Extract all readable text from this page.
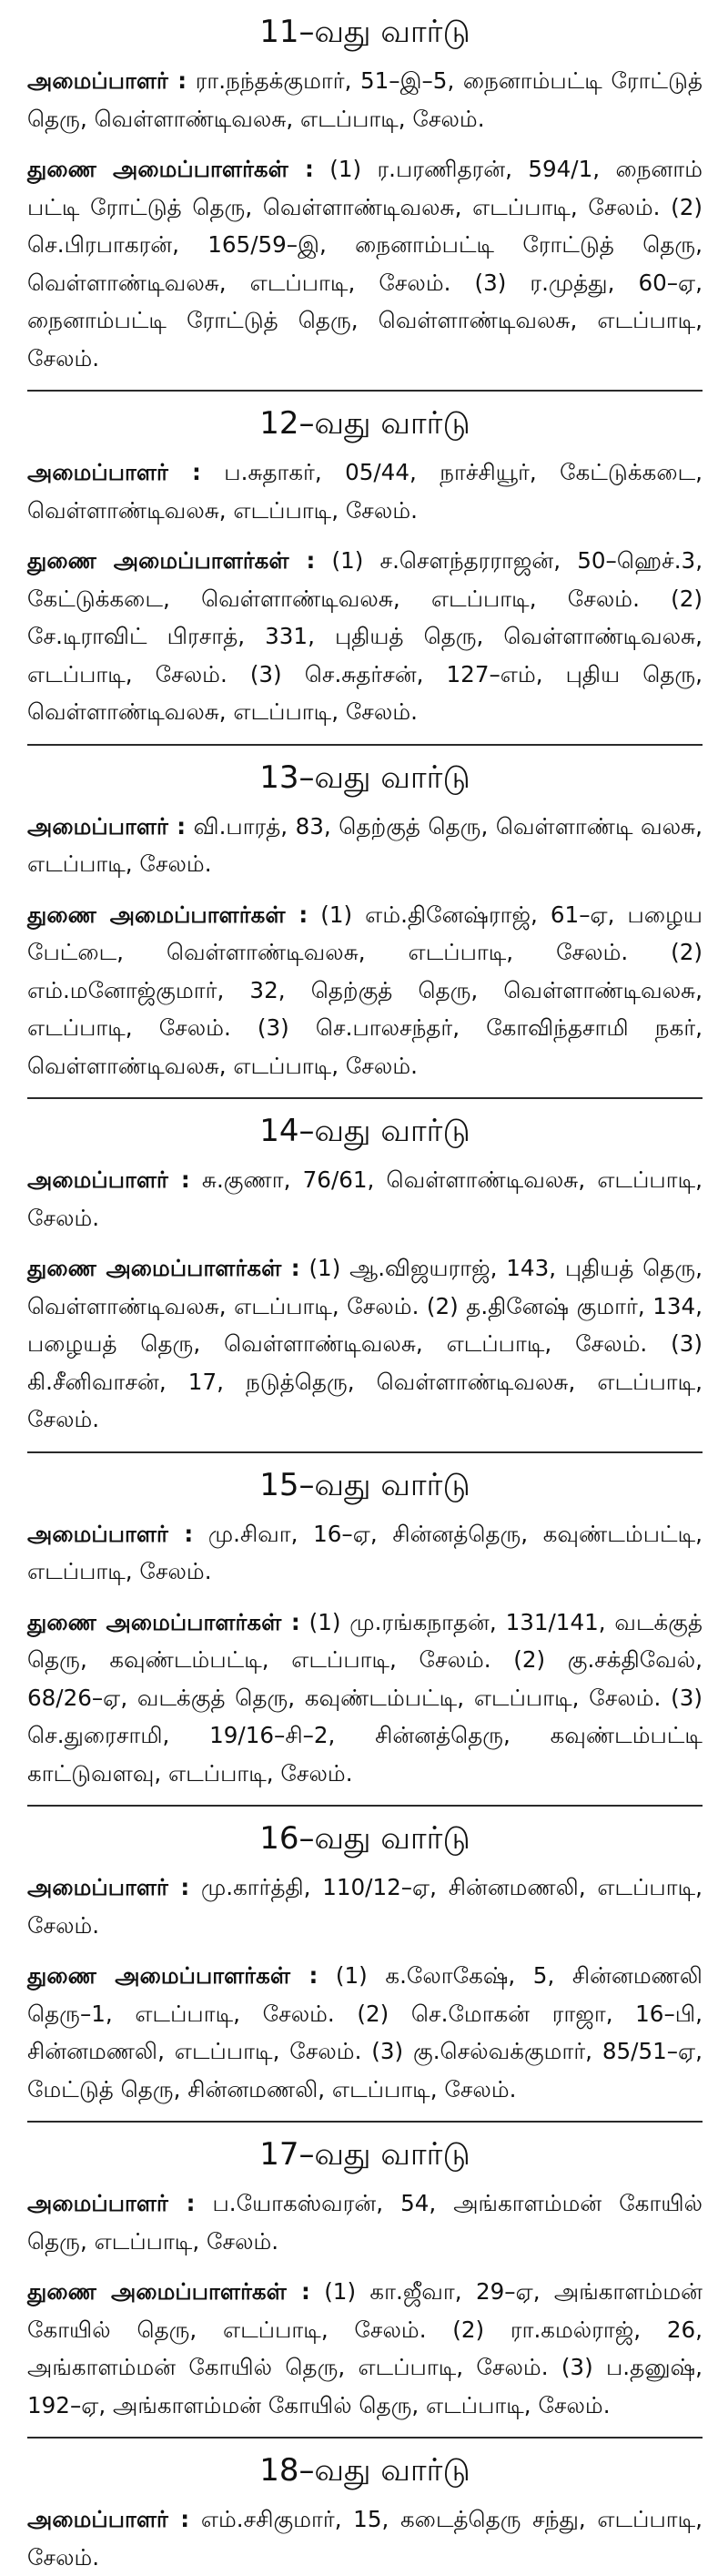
11–வது வார்டு

அமைப்பாளர் : ரா.நந்தக்குமார், 51–இ–5, நைனாம்பட்டி ரோட்டுத் தெரு, வெள்ளாண்டிவலசு, எடப்பாடி, சேலம்.

துணை அமைப்பாளர்கள் : (1) ர.பரணிதரன், 594/1, நைனாம் பட்டி ரோட்டுத் தெரு, வெள்ளாண்டிவலசு, எடப்பாடி, சேலம். (2) செ.பிரபாகரன், 165/59–இ, நைனாம்பட்டி ரோட்டுத் தெரு, வெள்ளாண்டிவலசு, எடப்பாடி, சேலம். (3) ர.முத்து, 60–ஏ, நைனாம்பட்டி ரோட்டுத் தெரு, வெள்ளாண்டிவலசு, எடப்பாடி, சேலம்.

12–வது வார்டு

அமைப்பாளர் : ப.சுதாகர், 05/44, நாச்சியூர், கேட்டுக்கடை, வெள்ளாண்டிவலசு, எடப்பாடி, சேலம்.

துணை அமைப்பாளர்கள் : (1) ச.சௌந்தரராஜன், 50–ஹெச்.3, கேட்டுக்கடை, வெள்ளாண்டிவலசு, எடப்பாடி, சேலம். (2) சே.டிராவிட் பிரசாத், 331, புதியத் தெரு, வெள்ளாண்டிவலசு, எடப்பாடி, சேலம். (3) செ.சுதர்சன், 127–எம், புதிய தெரு, வெள்ளாண்டிவலசு, எடப்பாடி, சேலம்.

13–வது வார்டு

அமைப்பாளர் : வி.பாரத், 83, தெற்குத் தெரு, வெள்ளாண்டி வலசு, எடப்பாடி, சேலம்.

துணை அமைப்பாளர்கள் : (1) எம்.தினேஷ்ராஜ், 61–ஏ, பழைய பேட்டை, வெள்ளாண்டிவலசு, எடப்பாடி, சேலம். (2) எம்.மனோஜ்குமார், 32, தெற்குத் தெரு, வெள்ளாண்டிவலசு, எடப்பாடி, சேலம். (3) செ.பாலசந்தர், கோவிந்தசாமி நகர், வெள்ளாண்டிவலசு, எடப்பாடி, சேலம்.

14–வது வார்டு

அமைப்பாளர் : சு.குணா, 76/61, வெள்ளாண்டிவலசு, எடப்பாடி, சேலம்.

துணை அமைப்பாளர்கள் : (1) ஆ.விஜயராஜ், 143, புதியத் தெரு, வெள்ளாண்டிவலசு, எடப்பாடி, சேலம். (2) த.தினேஷ் குமார், 134, பழையத் தெரு, வெள்ளாண்டிவலசு, எடப்பாடி, சேலம். (3) கி.சீனிவாசன், 17, நடுத்தெரு, வெள்ளாண்டிவலசு, எடப்பாடி, சேலம்.

15–வது வார்டு

அமைப்பாளர் : மு.சிவா, 16–ஏ, சின்னத்தெரு, கவுண்டம்பட்டி, எடப்பாடி, சேலம்.

துணை அமைப்பாளர்கள் : (1) மு.ரங்கநாதன், 131/141, வடக்குத் தெரு, கவுண்டம்பட்டி, எடப்பாடி, சேலம். (2) கு.சக்திவேல், 68/26–ஏ, வடக்குத் தெரு, கவுண்டம்பட்டி, எடப்பாடி, சேலம். (3) செ.துரைசாமி, 19/16–சி–2, சின்னத்தெரு, கவுண்டம்பட்டி காட்டுவளவு, எடப்பாடி, சேலம்.

16–வது வார்டு

அமைப்பாளர் : மு.கார்த்தி, 110/12–ஏ, சின்னமணலி, எடப்பாடி, சேலம்.

துணை அமைப்பாளர்கள் : (1) க.லோகேஷ், 5, சின்னமணலி தெரு–1, எடப்பாடி, சேலம். (2) செ.மோகன் ராஜா, 16–பி, சின்னமணலி, எடப்பாடி, சேலம். (3) கு.செல்வக்குமார், 85/51–ஏ, மேட்டுத் தெரு, சின்னமணலி, எடப்பாடி, சேலம்.

17–வது வார்டு

அமைப்பாளர் : ப.யோகஸ்வரன், 54, அங்காளம்மன் கோயில் தெரு, எடப்பாடி, சேலம்.

துணை அமைப்பாளர்கள் : (1) கா.ஜீவா, 29–ஏ, அங்காளம்மன் கோயில் தெரு, எடப்பாடி, சேலம். (2) ரா.கமல்ராஜ், 26, அங்காளம்மன் கோயில் தெரு, எடப்பாடி, சேலம். (3) ப.தனுஷ், 192–ஏ, அங்காளம்மன் கோயில் தெரு, எடப்பாடி, சேலம்.

18–வது வார்டு

அமைப்பாளர் : எம்.சசிகுமார், 15, கடைத்தெரு சந்து, எடப்பாடி, சேலம்.
